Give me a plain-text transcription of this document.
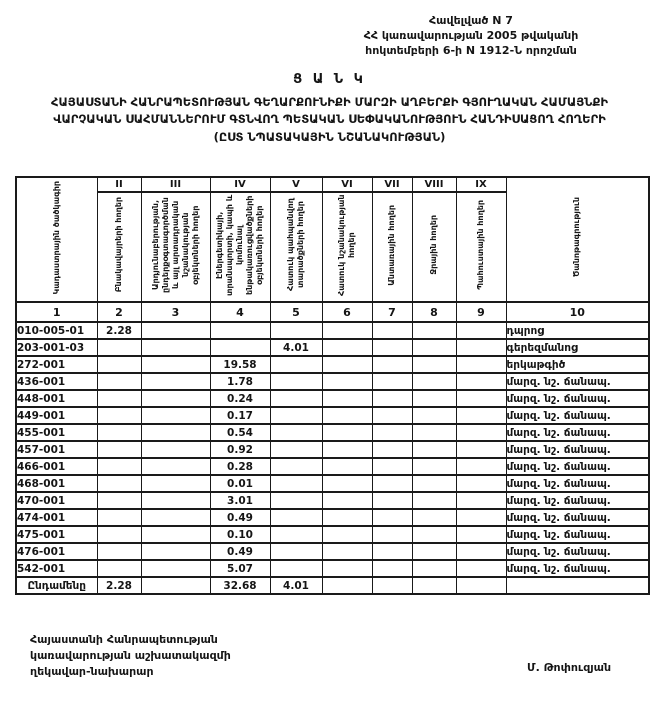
Հավելված N 7
ՀՀ կառավարության 2005 թվականի
հոկտեմբերի 6-ի N 1912-Ն որոշման
Ց Ա Ն Կ
ՀԱՅԱՍՏԱՆԻ ՀԱՆՐԱՊԵՏՈՒԹՅԱՆ ԳԵՂԱՐՔՈՒՆԻՔԻ ՄԱՐԶԻ ԱՂԲԵՐՔԻ ԳՅՈՒՂԱԿԱՆ ՀԱՄԱՅՆՔԻ
ՎԱՐՉԱԿԱՆ ՍԱՀՄԱՆՆԵՐՈՒՄ ԳՏՆՎՈՂ ՊԵՏԱԿԱՆ ՍԵՓԱԿԱՆՈՒԹՅՈՒՆ ՀԱՆԴԻՍԱՑՈՂ ՀՈՂԵՐԻ
(ԸՍՏ ՆՊԱՏԱԿԱՅԻՆ ՆՇԱՆԱԿՈՒԹՅԱՆ)
Կադաստրային ծածկագիր	II	III	IV	V	VI	VII	VIII	IX	Ծանոթագրություն
	Բնակավայրերի հողեր	Արդյունաբերության, ընդերքօգտագործման և այլ արտադրական նշանակության օբյեկտների հողեր	Էներգետիկայի, տրանսպորտի, կապի և կոմունալ ենթակառուցվածքների օբյեկտների հողեր	Հատուկ պահպանվող տարածքների հողեր	Հատուկ նշանակության հողեր	Անտառային հողեր	Ջրային հողեր	Պահուստային հողեր	
1	2	3	4	5	6	7	8	9	10
010-005-01	2.28								դպրոց
203-001-03				4.01					գերեզմանոց
272-001			19.58						երկաթգիծ
436-001			1.78						մարզ. նշ. ճանապ.
448-001			0.24						մարզ. նշ. ճանապ.
449-001			0.17						մարզ. նշ. ճանապ.
455-001			0.54						մարզ. նշ. ճանապ.
457-001			0.92						մարզ. նշ. ճանապ.
466-001			0.28						մարզ. նշ. ճանապ.
468-001			0.01						մարզ. նշ. ճանապ.
470-001			3.01						մարզ. նշ. ճանապ.
474-001			0.49						մարզ. նշ. ճանապ.
475-001			0.10						մարզ. նշ. ճանապ.
476-001			0.49						մարզ. նշ. ճանապ.
542-001			5.07						մարզ. նշ. ճանապ.
Ընդամենը	2.28		32.68	4.01					
Հայաստանի Հանրապետության
կառավարության աշխատակազմի
ղեկավար-նախարար	Մ. Թոփուզյան
